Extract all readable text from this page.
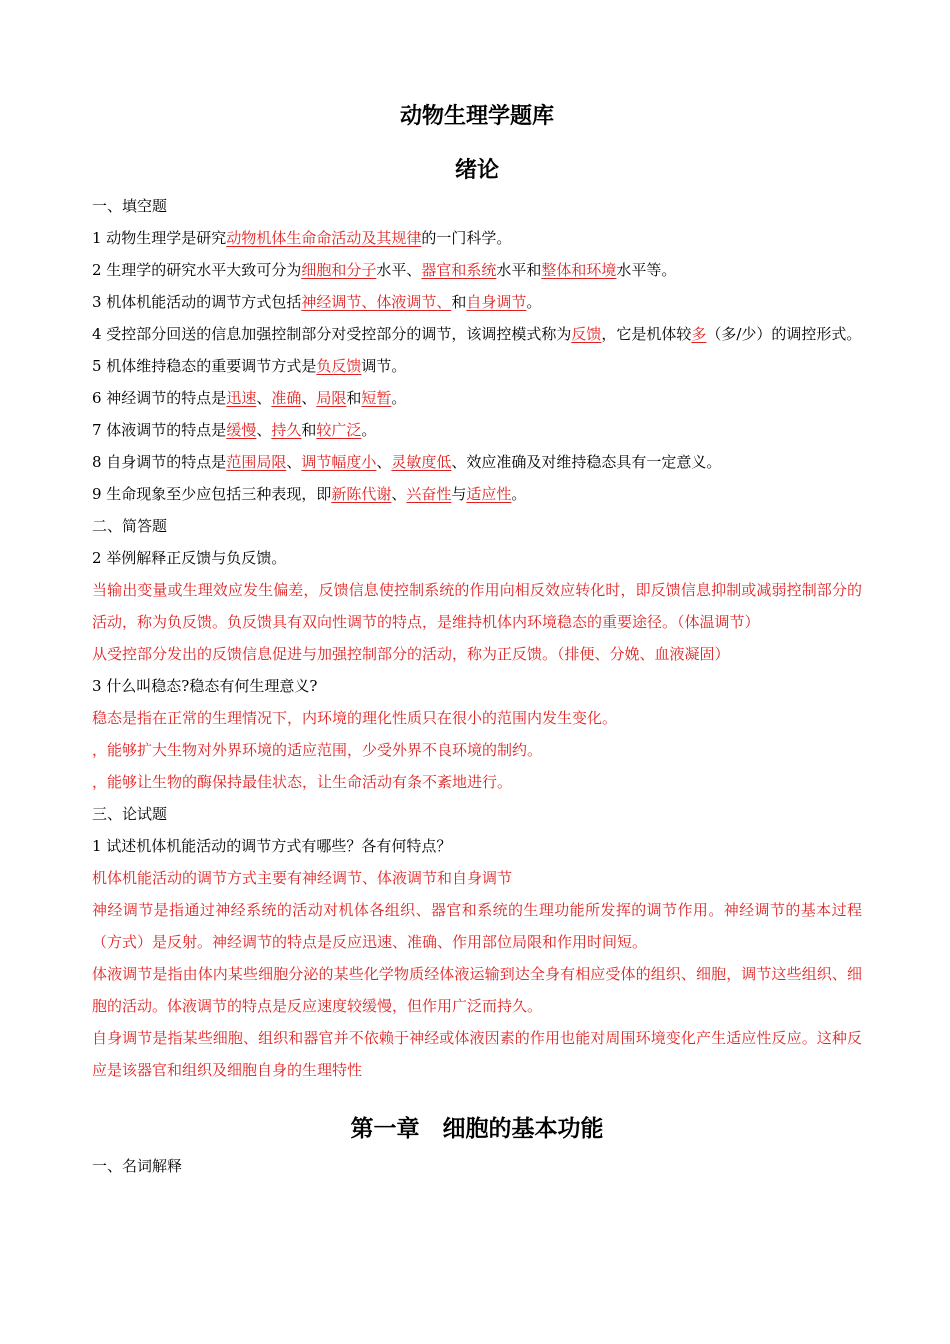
动物生理学题库
绪论

一、填空题

1 动物生理学是研究动物机体生命命活动及其规律的一门科学。

2 生理学的研究水平大致可分为细胞和分子水平、器官和系统水平和整体和环境水平等。

3 机体机能活动的调节方式包括神经调节、体液调节、和自身调节。

4 受控部分回送的信息加强控制部分对受控部分的调节，该调控模式称为反馈，它是机体较多（多/少）的调控形式。

5 机体维持稳态的重要调节方式是负反馈调节。

6 神经调节的特点是迅速、准确、局限和短暂。

7 体液调节的特点是缓慢、持久和较广泛。

8 自身调节的特点是范围局限、调节幅度小、灵敏度低、效应准确及对维持稳态具有一定意义。

9 生命现象至少应包括三种表现，即新陈代谢、兴奋性与适应性。

二、简答题

2 举例解释正反馈与负反馈。

当输出变量或生理效应发生偏差，反馈信息使控制系统的作用向相反效应转化时，即反馈信息抑制或减弱控制部分的活动，称为负反馈。负反馈具有双向性调节的特点，是维持机体内环境稳态的重要途径。（体温调节）

从受控部分发出的反馈信息促进与加强控制部分的活动，称为正反馈。（排便、分娩、血液凝固）

3 什么叫稳态?稳态有何生理意义?

稳态是指在正常的生理情况下，内环境的理化性质只在很小的范围内发生变化。

，能够扩大生物对外界环境的适应范围，少受外界不良环境的制约。

，能够让生物的酶保持最佳状态，让生命活动有条不紊地进行。

三、论试题

1 试述机体机能活动的调节方式有哪些？各有何特点？

机体机能活动的调节方式主要有神经调节、体液调节和自身调节

神经调节是指通过神经系统的活动对机体各组织、器官和系统的生理功能所发挥的调节作用。神经调节的基本过程（方式）是反射。神经调节的特点是反应迅速、准确、作用部位局限和作用时间短。

体液调节是指由体内某些细胞分泌的某些化学物质经体液运输到达全身有相应受体的组织、细胞，调节这些组织、细胞的活动。体液调节的特点是反应速度较缓慢，但作用广泛而持久。

自身调节是指某些细胞、组织和器官并不依赖于神经或体液因素的作用也能对周围环境变化产生适应性反应。这种反应是该器官和组织及细胞自身的生理特性

第一章　细胞的基本功能

一、名词解释
